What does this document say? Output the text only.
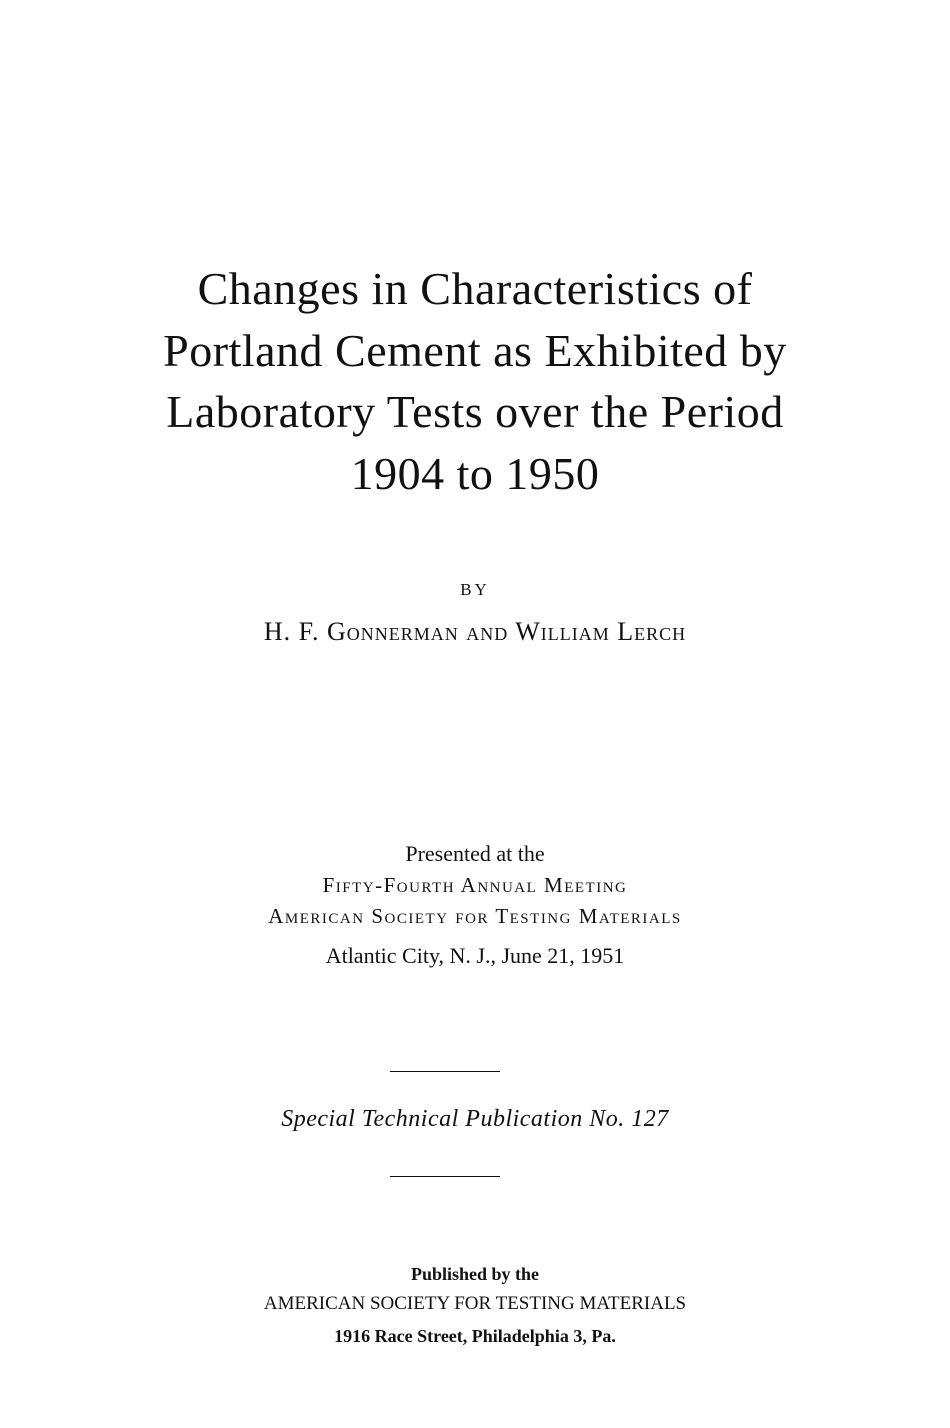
Changes in Characteristics of
Portland Cement as Exhibited by
Laboratory Tests over the Period
1904 to 1950
BY
H. F. Gonnerman and William Lerch
Presented at the
Fifty-Fourth Annual Meeting
American Society for Testing Materials
Atlantic City, N. J., June 21, 1951
Special Technical Publication No. 127
Published by the
AMERICAN SOCIETY FOR TESTING MATERIALS
1916 Race Street, Philadelphia 3, Pa.
